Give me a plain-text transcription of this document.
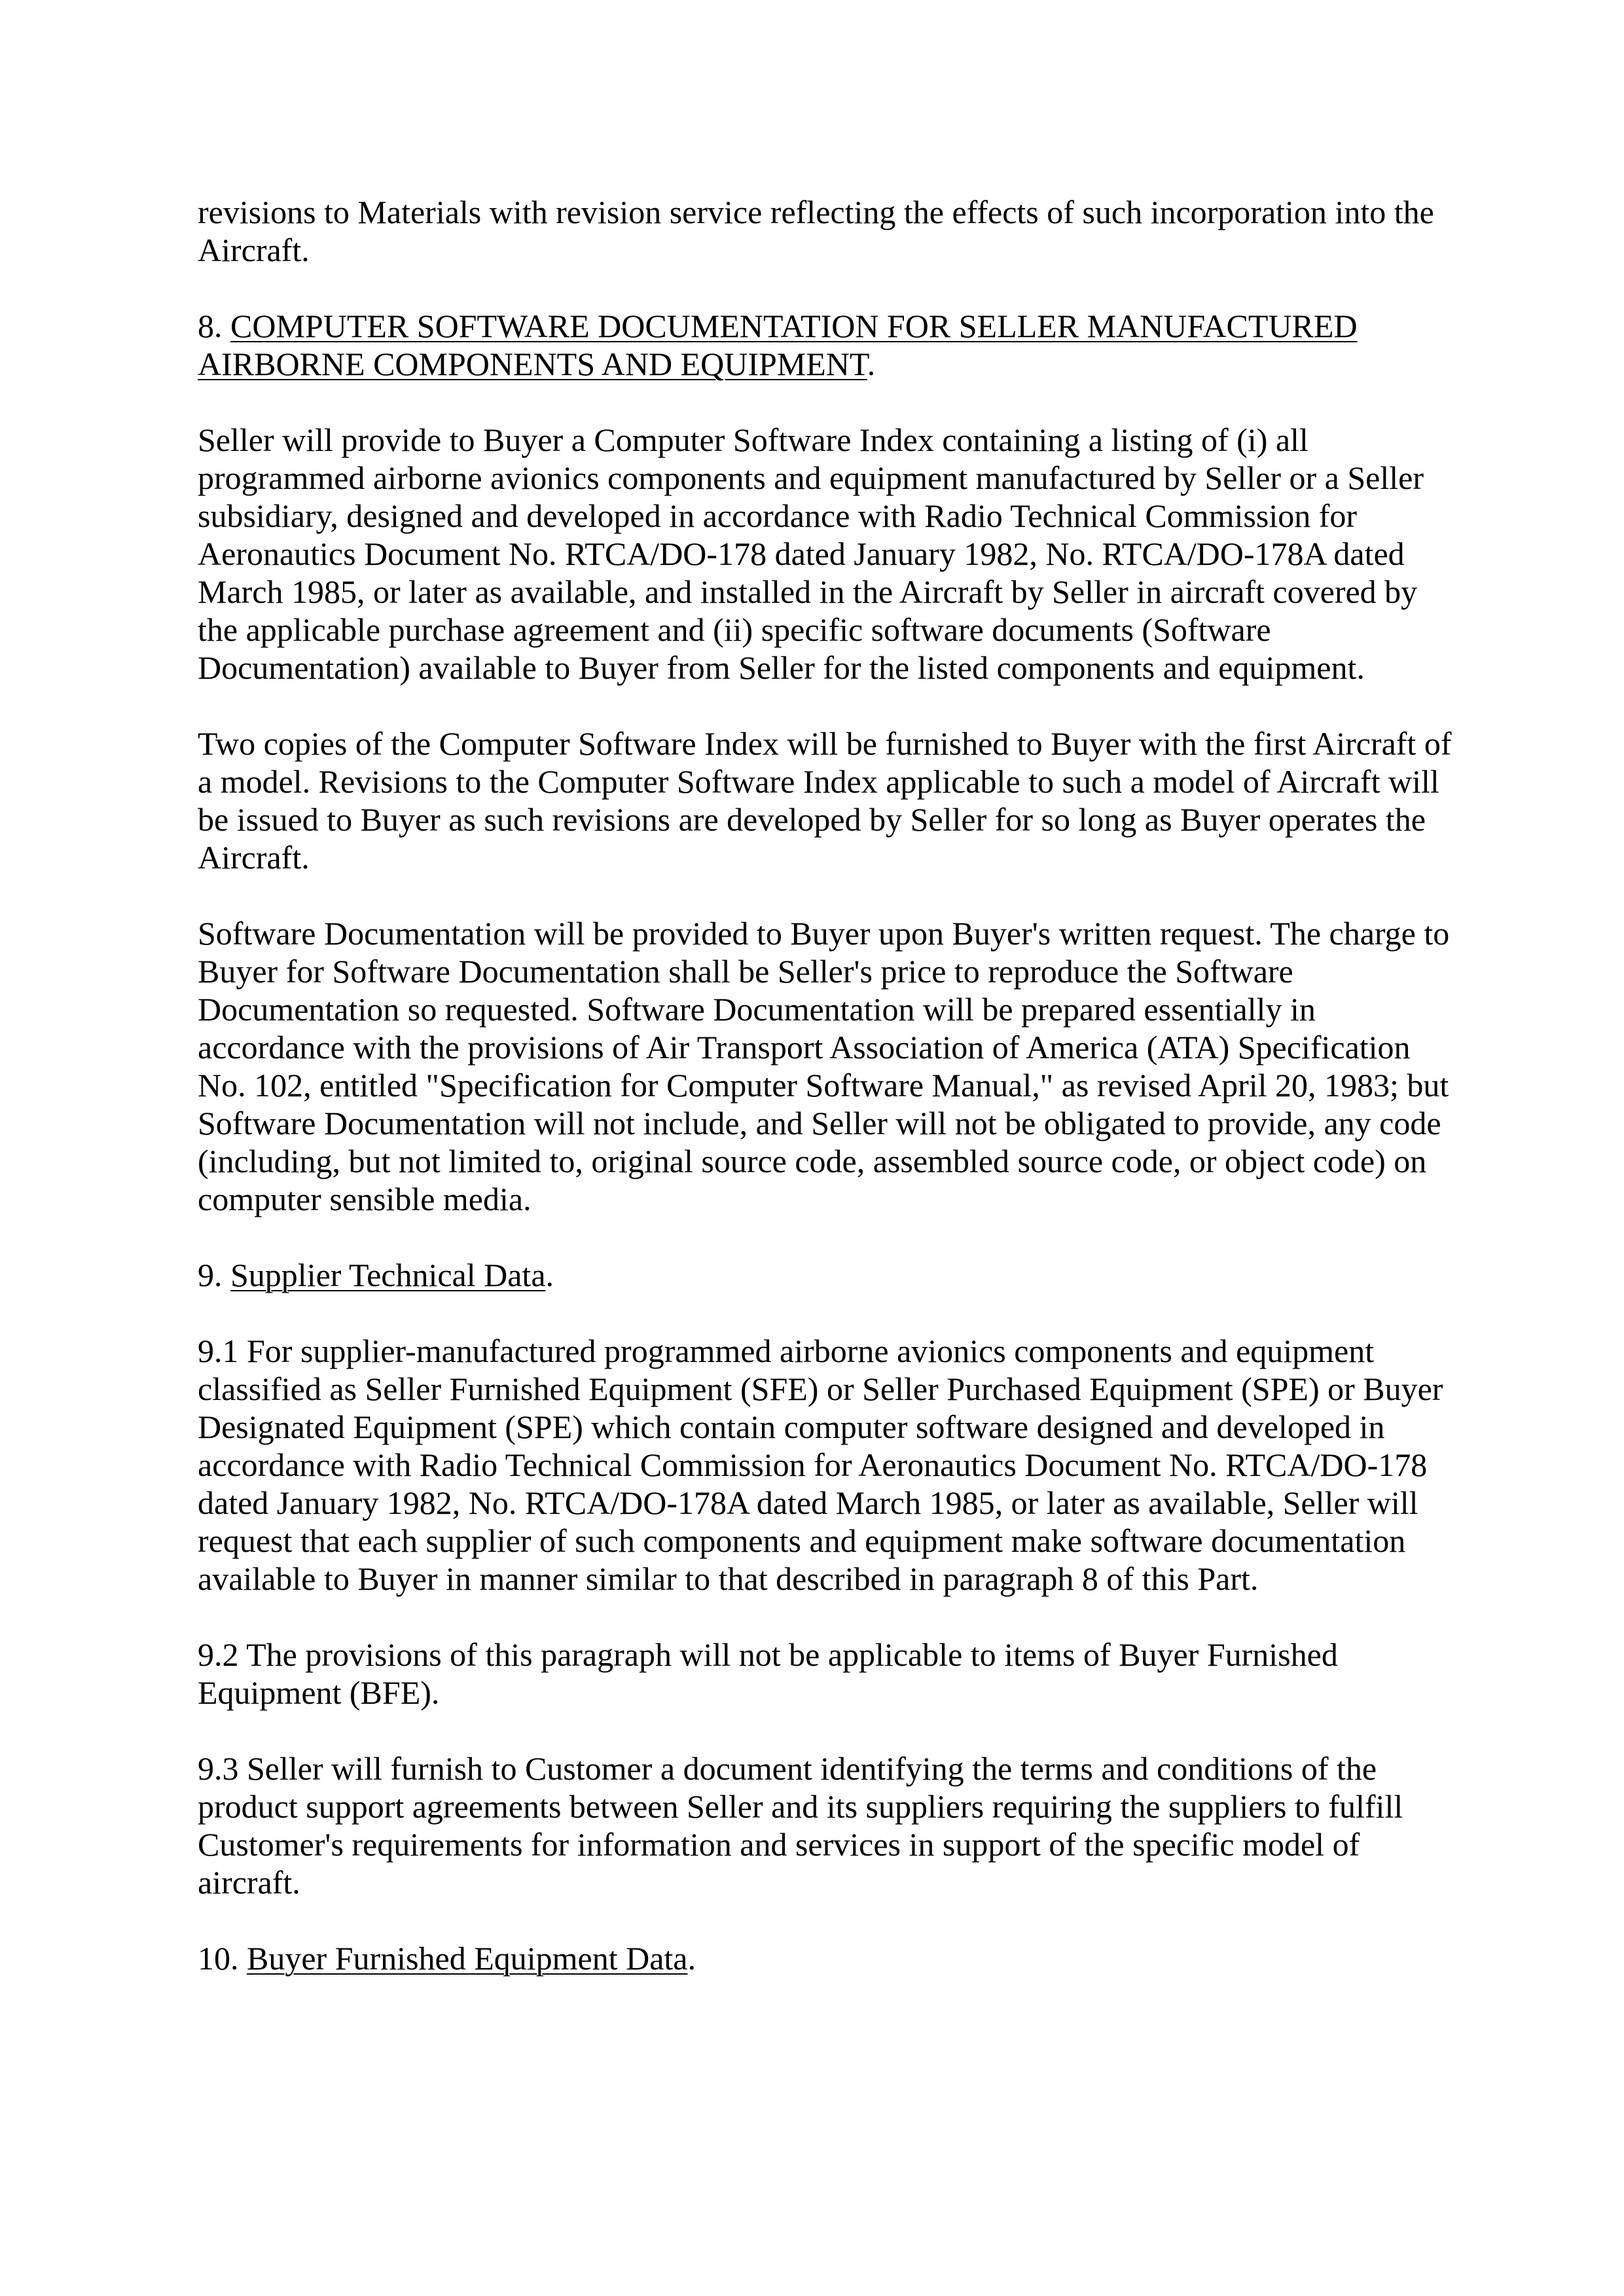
revisions to Materials with revision service reflecting the effects of such incorporation into the Aircraft.

8. COMPUTER SOFTWARE DOCUMENTATION FOR SELLER MANUFACTURED AIRBORNE COMPONENTS AND EQUIPMENT.

Seller will provide to Buyer a Computer Software Index containing a listing of (i) all programmed airborne avionics components and equipment manufactured by Seller or a Seller subsidiary, designed and developed in accordance with Radio Technical Commission for Aeronautics Document No. RTCA/DO-178 dated January 1982, No. RTCA/DO-178A dated March 1985, or later as available, and installed in the Aircraft by Seller in aircraft covered by the applicable purchase agreement and (ii) specific software documents (Software Documentation) available to Buyer from Seller for the listed components and equipment.

Two copies of the Computer Software Index will be furnished to Buyer with the first Aircraft of a model. Revisions to the Computer Software Index applicable to such a model of Aircraft will be issued to Buyer as such revisions are developed by Seller for so long as Buyer operates the Aircraft.

Software Documentation will be provided to Buyer upon Buyer's written request. The charge to Buyer for Software Documentation shall be Seller's price to reproduce the Software Documentation so requested. Software Documentation will be prepared essentially in accordance with the provisions of Air Transport Association of America (ATA) Specification No. 102, entitled "Specification for Computer Software Manual," as revised April 20, 1983; but Software Documentation will not include, and Seller will not be obligated to provide, any code (including, but not limited to, original source code, assembled source code, or object code) on computer sensible media.

9. Supplier Technical Data.

9.1 For supplier-manufactured programmed airborne avionics components and equipment classified as Seller Furnished Equipment (SFE) or Seller Purchased Equipment (SPE) or Buyer Designated Equipment (SPE) which contain computer software designed and developed in accordance with Radio Technical Commission for Aeronautics Document No. RTCA/DO-178 dated January 1982, No. RTCA/DO-178A dated March 1985, or later as available, Seller will request that each supplier of such components and equipment make software documentation available to Buyer in manner similar to that described in paragraph 8 of this Part.

9.2 The provisions of this paragraph will not be applicable to items of Buyer Furnished Equipment (BFE).

9.3 Seller will furnish to Customer a document identifying the terms and conditions of the product support agreements between Seller and its suppliers requiring the suppliers to fulfill Customer's requirements for information and services in support of the specific model of aircraft.

10. Buyer Furnished Equipment Data.
